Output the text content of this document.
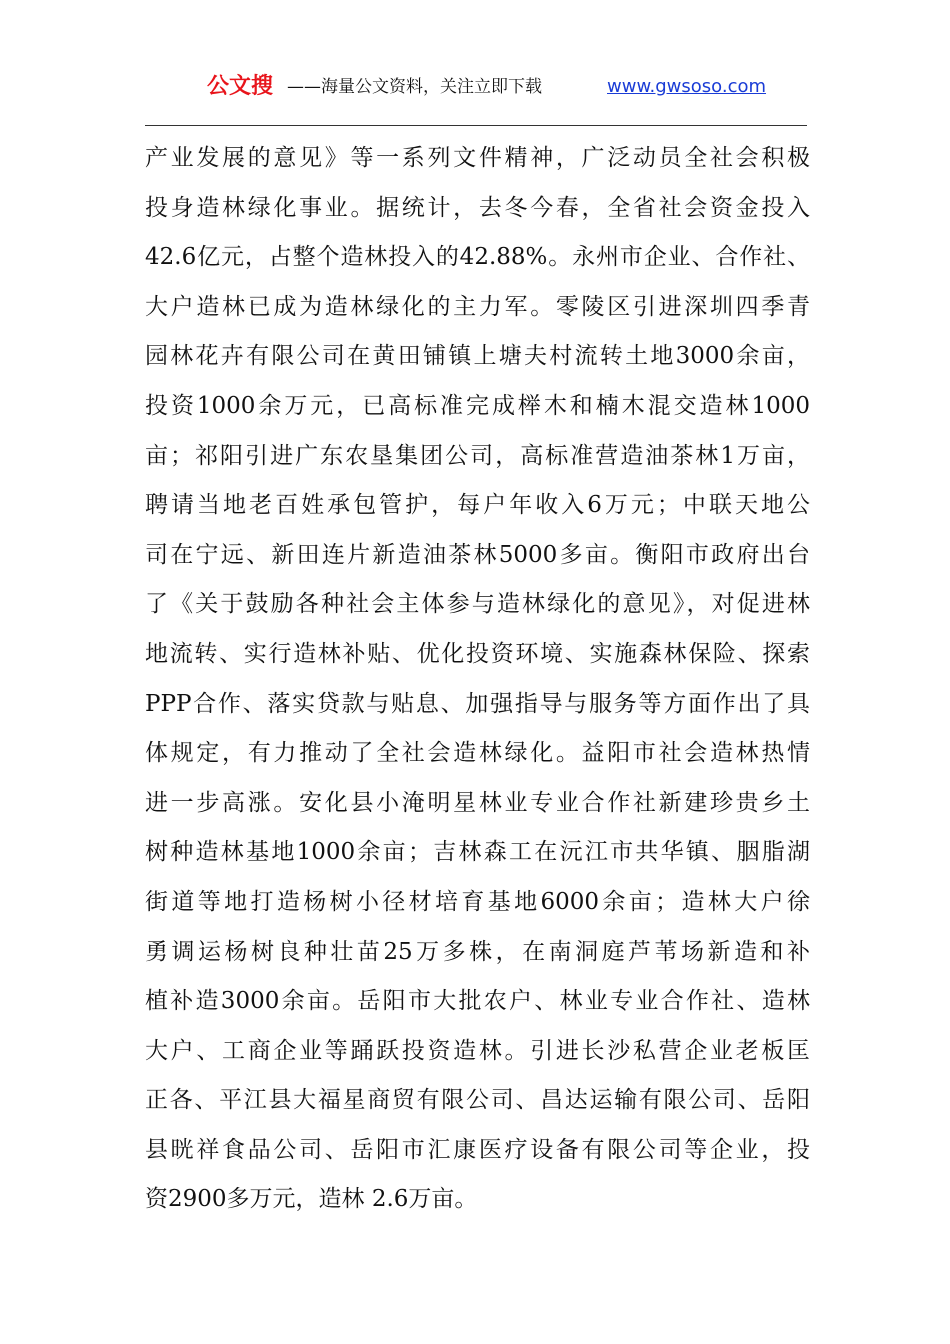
公文搜 ——海量公文资料，关注立即下载	www.gwsoso.com
产业发展的意见》等一系列文件精神，广泛动员全社会积极
投身造林绿化事业。据统计，去冬今春，全省社会资金投入
42.6亿元，占整个造林投入的42.88%。永州市企业、合作社、
大户造林已成为造林绿化的主力军。零陵区引进深圳四季青
园林花卉有限公司在黄田铺镇上塘夫村流转土地3000余亩，
投资1000余万元，已高标准完成榉木和楠木混交造林1000
亩；祁阳引进广东农垦集团公司，高标准营造油茶林1万亩，
聘请当地老百姓承包管护，每户年收入6万元；中联天地公
司在宁远、新田连片新造油茶林5000多亩。衡阳市政府出台
了《关于鼓励各种社会主体参与造林绿化的意见》，对促进林
地流转、实行造林补贴、优化投资环境、实施森林保险、探索
PPP合作、落实贷款与贴息、加强指导与服务等方面作出了具
体规定，有力推动了全社会造林绿化。益阳市社会造林热情
进一步高涨。安化县小淹明星林业专业合作社新建珍贵乡土
树种造林基地1000余亩；吉林森工在沅江市共华镇、胭脂湖
街道等地打造杨树小径材培育基地6000余亩；造林大户徐
勇调运杨树良种壮苗25万多株，在南洞庭芦苇场新造和补
植补造3000余亩。岳阳市大批农户、林业专业合作社、造林
大户、工商企业等踊跃投资造林。引进长沙私营企业老板匡
正各、平江县大福星商贸有限公司、昌达运输有限公司、岳阳
县晄祥食品公司、岳阳市汇康医疗设备有限公司等企业，投
资2900多万元，造林 2.6万亩。
